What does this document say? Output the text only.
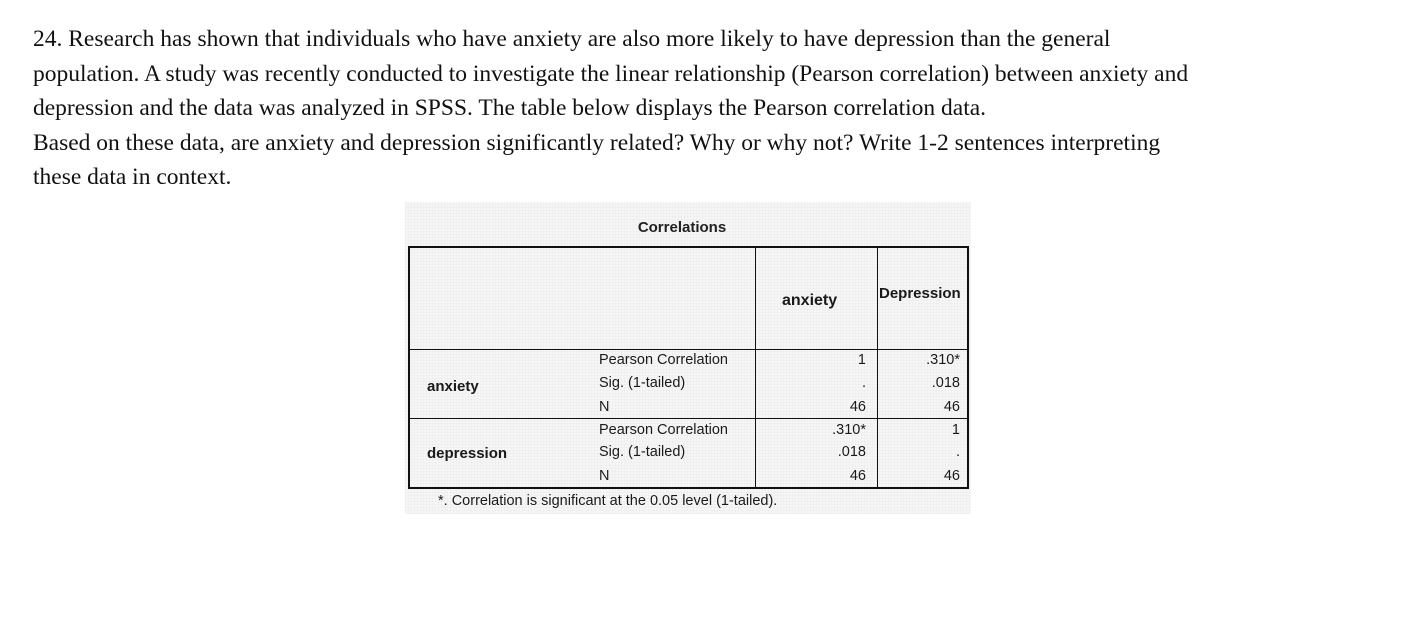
24. Research has shown that individuals who have anxiety are also more likely to have depression than the general

population. A study was recently conducted to investigate the linear relationship (Pearson correlation) between anxiety and

depression and the data was analyzed in SPSS. The table below displays the Pearson correlation data.

Based on these data, are anxiety and depression significantly related? Why or why not? Write 1-2 sentences interpreting

these data in context.

Correlations
anxiety	Depression
anxiety
Pearson Correlation
Sig. (1-tailed)
N
1
.
46
.310*
.018
46
depression
Pearson Correlation
Sig. (1-tailed)
N
.310*
.018
46
1
.
46
*. Correlation is significant at the 0.05 level (1-tailed).
